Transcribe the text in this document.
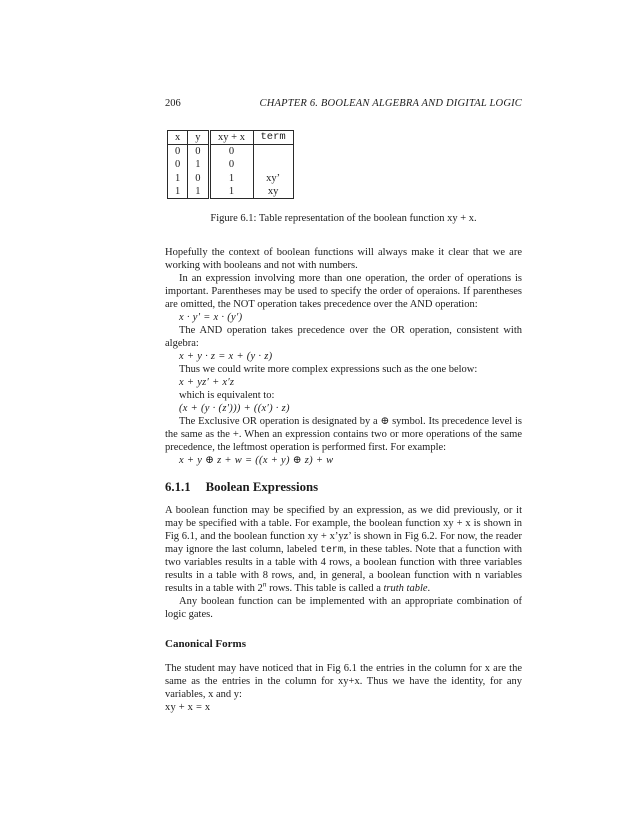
206	CHAPTER 6. BOOLEAN ALGEBRA AND DIGITAL LOGIC
x	y	xy + x	term
0	0	0	
0	1	0	
1	0	1	xy’
1	1	1	xy
Figure 6.1: Table representation of the boolean function xy + x.

Hopefully the context of boolean functions will always make it clear that we are working with booleans and not with numbers.

In an expression involving more than one operation, the order of operations is important. Parentheses may be used to specify the order of operaions. If parentheses are omitted, the NOT operation takes precedence over the AND operation:

x · y′ = x · (y′)

The AND operation takes precedence over the OR operation, consistent with algebra:

x + y · z = x + (y · z)

Thus we could write more complex expressions such as the one below:

x + yz′ + x′z

which is equivalent to:

(x + (y · (z′))) + ((x′) · z)

The Exclusive OR operation is designated by a ⊕ symbol. Its precedence level is the same as the +. When an expression contains two or more operations of the same precedence, the leftmost operation is performed first. For example:

x + y ⊕ z + w = ((x + y) ⊕ z) + w
6.1.1 Boolean Expressions

A boolean function may be specified by an expression, as we did previously, or it may be specified with a table. For example, the boolean function xy + x is shown in Fig 6.1, and the boolean function xy + x’yz’ is shown in Fig 6.2. For now, the reader may ignore the last column, labeled term, in these tables. Note that a function with two variables results in a table with 4 rows, a boolean function with three variables results in a table with 8 rows, and, in general, a boolean function with n variables results in a table with 2$^n$ rows. This table is called a truth table.

Any boolean function can be implemented with an appropriate combination of logic gates.

Canonical Forms

The student may have noticed that in Fig 6.1 the entries in the column for x are the same as the entries in the column for xy+x. Thus we have the identity, for any variables, x and y:

xy + x = x
